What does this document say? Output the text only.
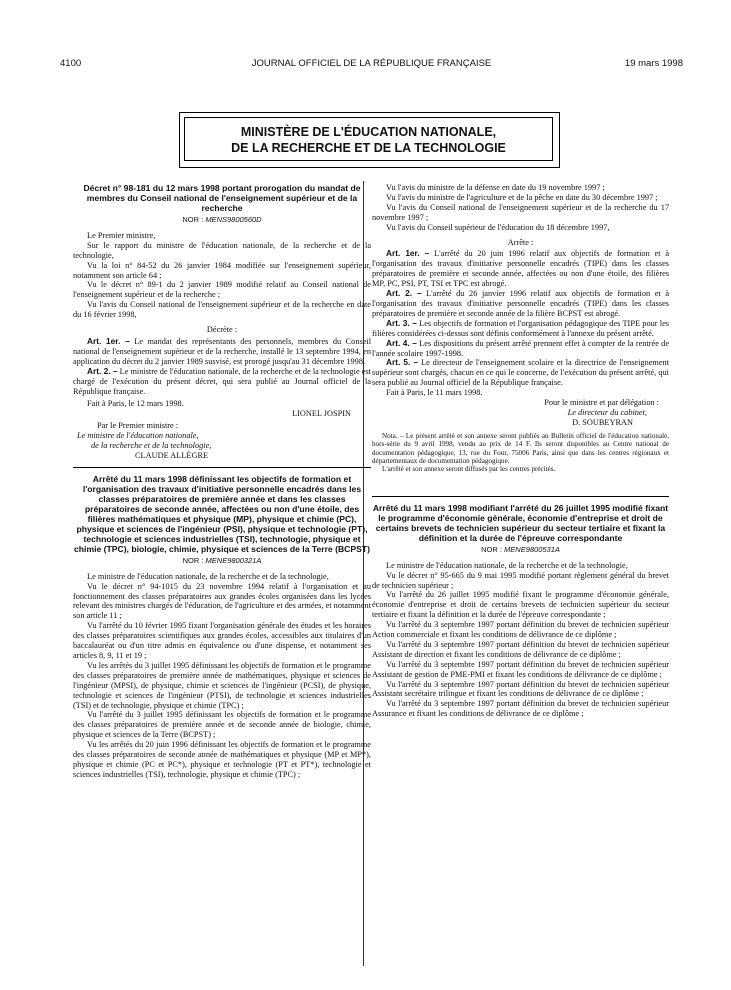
4100	JOURNAL OFFICIEL DE LA RÉPUBLIQUE FRANÇAISE	19 mars 1998
MINISTÈRE DE L'ÉDUCATION NATIONALE,
DE LA RECHERCHE ET DE LA TECHNOLOGIE
Décret n° 98-181 du 12 mars 1998 portant prorogation du mandat de membres du Conseil national de l'enseignement supérieur et de la recherche
NOR : MENS9800560D

Le Premier ministre,

Sur le rapport du ministre de l'éducation nationale, de la recherche et de la technologie,

Vu la loi n° 84-52 du 26 janvier 1984 modifiée sur l'enseignement supérieur, notamment son article 64 ;

Vu le décret n° 89-1 du 2 janvier 1989 modifié relatif au Conseil national de l'enseignement supérieur et de la recherche ;

Vu l'avis du Conseil national de l'enseignement supérieur et de la recherche en date du 16 février 1998,

Décrète :

Art. 1er. – Le mandat des représentants des personnels, membres du Conseil national de l'enseignement supérieur et de la recherche, installé le 13 septembre 1994, en application du décret du 2 janvier 1989 susvisé, est prorogé jusqu'au 31 décembre 1998.

Art. 2. – Le ministre de l'éducation nationale, de la recherche et de la technologie est chargé de l'exécution du présent décret, qui sera publié au Journal officiel de la République française.

Fait à Paris, le 12 mars 1998.

LIONEL JOSPIN

Par le Premier ministre :

Le ministre de l'éducation nationale,

de la recherche et de la technologie,

CLAUDE ALLÈGRE

Arrêté du 11 mars 1998 définissant les objectifs de formation et l'organisation des travaux d'initiative personnelle encadrés dans les classes préparatoires de première année et dans les classes préparatoires de seconde année, affectées ou non d'une étoile, des filières mathématiques et physique (MP), physique et chimie (PC), physique et sciences de l'ingénieur (PSI), physique et technologie (PT), technologie et sciences industrielles (TSI), technologie, physique et chimie (TPC), biologie, chimie, physique et sciences de la Terre (BCPST)
NOR : MENE9800321A

Le ministre de l'éducation nationale, de la recherche et de la technologie,

Vu le décret n° 94-1015 du 23 novembre 1994 relatif à l'organisation et au fonctionnement des classes préparatoires aux grandes écoles organisées dans les lycées relevant des ministres chargés de l'éducation, de l'agriculture et des armées, et notamment son article 11 ;

Vu l'arrêté du 10 février 1995 fixant l'organisation générale des études et les horaires des classes préparatoires scientifiques aux grandes écoles, accessibles aux titulaires d'un baccalauréat ou d'un titre admis en équivalence ou d'une dispense, et notamment ses articles 8, 9, 11 et 19 ;

Vu les arrêtés du 3 juillet 1995 définissant les objectifs de formation et le programme des classes préparatoires de première année de mathématiques, physique et sciences de l'ingénieur (MPSI), de physique, chimie et sciences de l'ingénieur (PCSI), de physique, technologie et sciences de l'ingénieur (PTSI), de technologie et sciences industrielles (TSI) et de technologie, physique et chimie (TPC) ;

Vu l'arrêté du 3 juillet 1995 définissant les objectifs de formation et le programme des classes préparatoires de première année et de seconde année de biologie, chimie, physique et sciences de la Terre (BCPST) ;

Vu les arrêtés du 20 juin 1996 définissant les objectifs de formation et le programme des classes préparatoires de seconde année de mathématiques et physique (MP et MP*), physique et chimie (PC et PC*), physique et technologie (PT et PT*), technologie et sciences industrielles (TSI), technologie, physique et chimie (TPC) ;

Vu l'avis du ministre de la défense en date du 19 novembre 1997 ;

Vu l'avis du ministre de l'agriculture et de la pêche en date du 30 décembre 1997 ;

Vu l'avis du Conseil national de l'enseignement supérieur et de la recherche du 17 novembre 1997 ;

Vu l'avis du Conseil supérieur de l'éducation du 18 décembre 1997,

Arrête :

Art. 1er. – L'arrêté du 20 juin 1996 relatif aux objectifs de formation et à l'organisation des travaux d'initiative personnelle encadrés (TIPE) dans les classes préparatoires de première et seconde année, affectées ou non d'une étoile, des filières MP, PC, PSI, PT, TSI et TPC est abrogé.

Art. 2. – L'arrêté du 26 janvier 1996 relatif aux objectifs de formation et à l'organisation des travaux d'initiative personnelle encadrés (TIPE) dans les classes préparatoires de première et seconde année de la filière BCPST est abrogé.

Art. 3. – Les objectifs de formation et l'organisation pédagogique des TIPE pour les filières considérées ci-dessus sont définis conformément à l'annexe du présent arrêté.

Art. 4. – Les dispositions du présent arrêté prennent effet à compter de la rentrée de l'année scolaire 1997-1998.

Art. 5. – Le directeur de l'enseignement scolaire et la directrice de l'enseignement supérieur sont chargés, chacun en ce qui le concerne, de l'exécution du présent arrêté, qui sera publié au Journal officiel de la République française.

Fait à Paris, le 11 mars 1998.

Pour le ministre et par délégation :

Le directeur du cabinet,

D. SOUBEYRAN

Nota. – Le présent arrêté et son annexe seront publiés au Bulletin officiel de l'éducation nationale, hors-série du 9 avril 1998, vendu au prix de 14 F. Ils seront disponibles au Centre national de documentation pédagogique, 13, rue du Four, 75006 Paris, ainsi que dans les centres régionaux et départementaux de documentation pédagogique.

L'arrêté et son annexe seront diffusés par les centres précités.

Arrêté du 11 mars 1998 modifiant l'arrêté du 26 juillet 1995 modifié fixant le programme d'économie générale, économie d'entreprise et droit de certains brevets de technicien supérieur du secteur tertiaire et fixant la définition et la durée de l'épreuve correspondante
NOR : MENE9800531A

Le ministre de l'éducation nationale, de la recherche et de la technologie,

Vu le décret n° 95-665 du 9 mai 1995 modifié portant règlement général du brevet de technicien supérieur ;

Vu l'arrêté du 26 juillet 1995 modifié fixant le programme d'économie générale, économie d'entreprise et droit de certains brevets de technicien supérieur du secteur tertiaire et fixant la définition et la durée de l'épreuve correspondante ;

Vu l'arrêté du 3 septembre 1997 portant définition du brevet de technicien supérieur Action commerciale et fixant les conditions de délivrance de ce diplôme ;

Vu l'arrêté du 3 septembre 1997 portant définition du brevet de technicien supérieur Assistant de direction et fixant les conditions de délivrance de ce diplôme ;

Vu l'arrêté du 3 septembre 1997 portant définition du brevet de technicien supérieur Assistant de gestion de PME-PMI et fixant les conditions de délivrance de ce diplôme ;

Vu l'arrêté du 3 septembre 1997 portant définition du brevet de technicien supérieur Assistant secrétaire trilingue et fixant les conditions de délivrance de ce diplôme ;

Vu l'arrêté du 3 septembre 1997 portant définition du brevet de technicien supérieur Assurance et fixant les conditions de délivrance de ce diplôme ;
